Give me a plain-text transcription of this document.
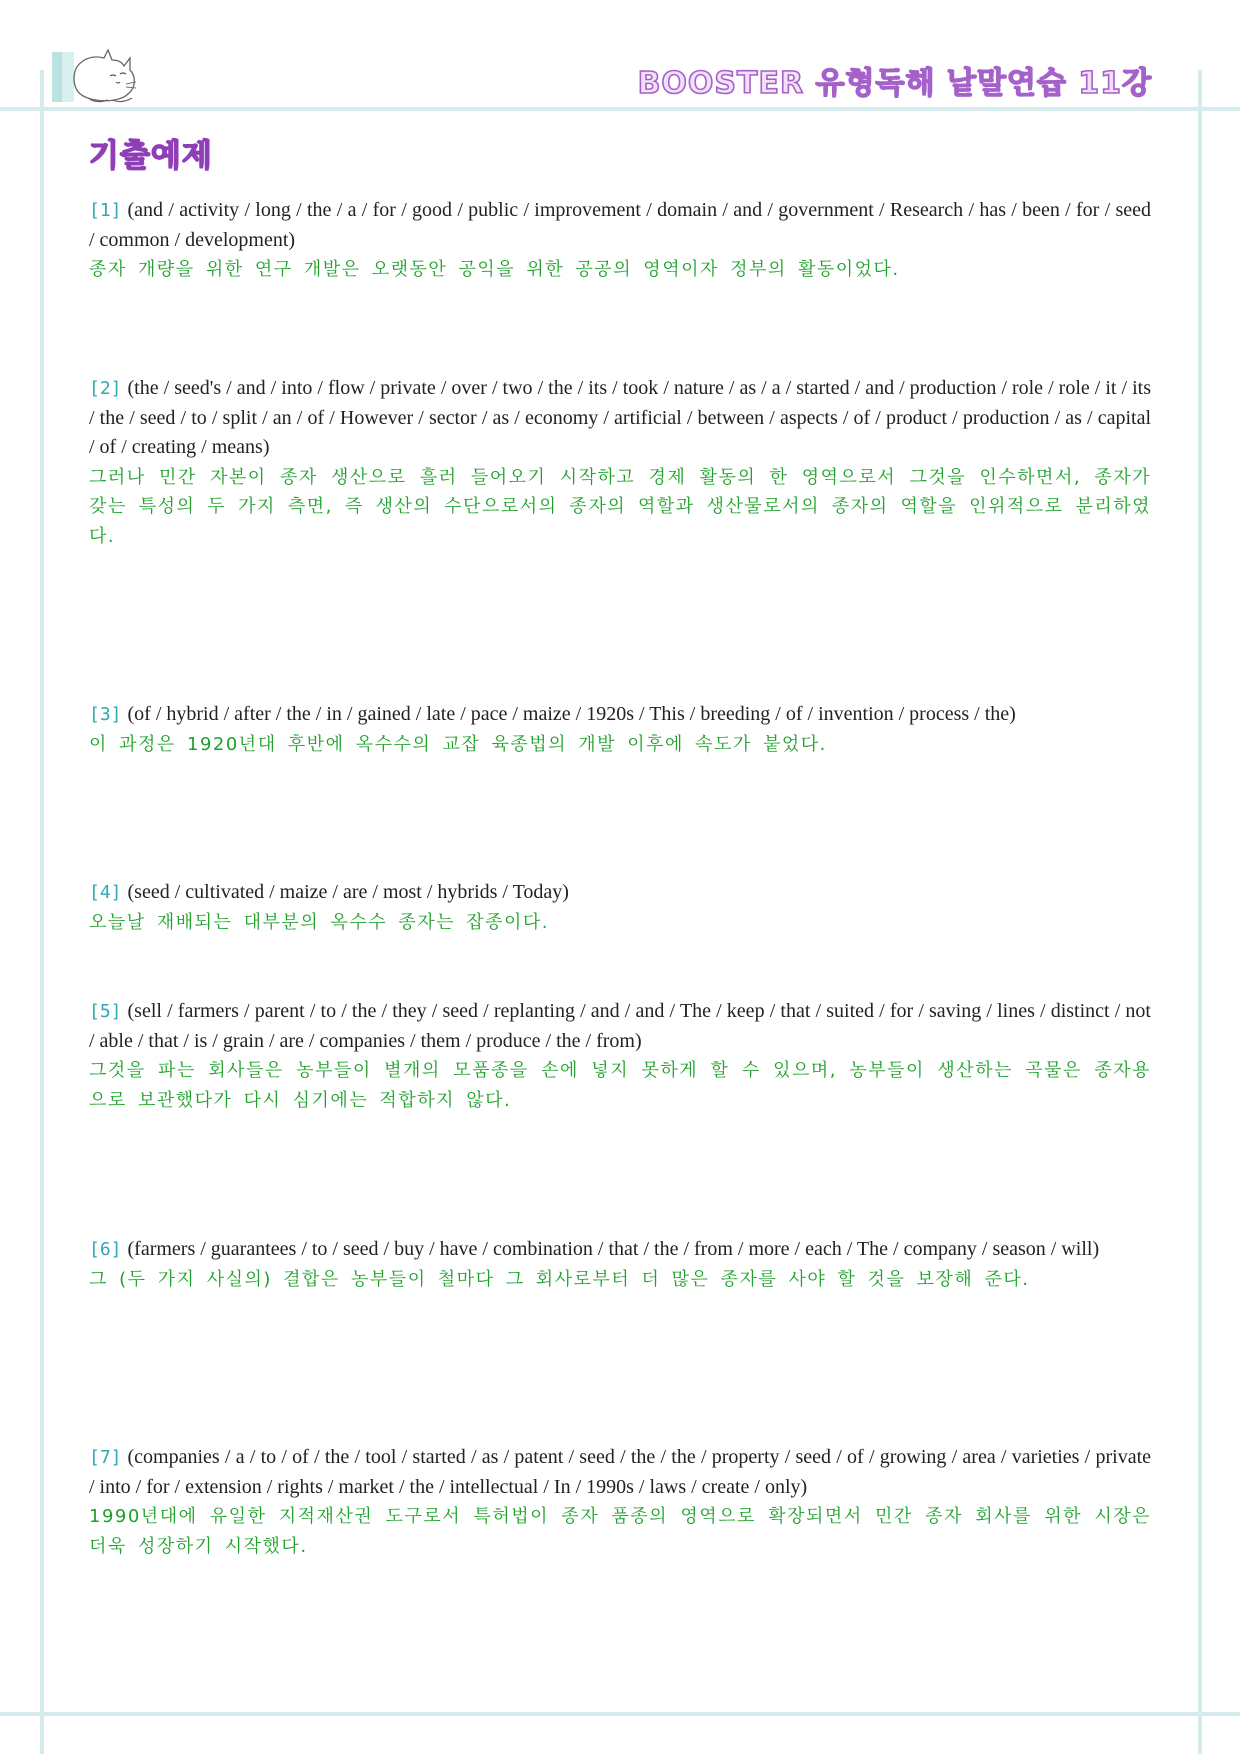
BOOSTER 유형독해 낱말연습 11강
기출예제
[1] (and / activity / long / the / a / for / good / public / improvement / domain / and / government / Research / has / been / for / seed / common / development)
종자 개량을 위한 연구 개발은 오랫동안 공익을 위한 공공의 영역이자 정부의 활동이었다.
[2] (the / seed's / and / into / flow / private / over / two / the / its / took / nature / as / a / started / and / production / role / role / it / its / the / seed / to / split / an / of / However / sector / as / economy / artificial / between / aspects / of / product / production / as / capital / of / creating / means)
그러나 민간 자본이 종자 생산으로 흘러 들어오기 시작하고 경제 활동의 한 영역으로서 그것을 인수하면서, 종자가 갖는 특성의 두 가지 측면, 즉 생산의 수단으로서의 종자의 역할과 생산물로서의 종자의 역할을 인위적으로 분리하였다.
[3] (of / hybrid / after / the / in / gained / late / pace / maize / 1920s / This / breeding / of / invention / process / the)
이 과정은 1920년대 후반에 옥수수의 교잡 육종법의 개발 이후에 속도가 붙었다.
[4] (seed / cultivated / maize / are / most / hybrids / Today)
오늘날 재배되는 대부분의 옥수수 종자는 잡종이다.
[5] (sell / farmers / parent / to / the / they / seed / replanting / and / and / The / keep / that / suited / for / saving / lines / distinct / not / able / that / is / grain / are / companies / them / produce / the / from)
그것을 파는 회사들은 농부들이 별개의 모품종을 손에 넣지 못하게 할 수 있으며, 농부들이 생산하는 곡물은 종자용으로 보관했다가 다시 심기에는 적합하지 않다.
[6] (farmers / guarantees / to / seed / buy / have / combination / that / the / from / more / each / The / company / season / will)
그 (두 가지 사실의) 결합은 농부들이 철마다 그 회사로부터 더 많은 종자를 사야 할 것을 보장해 준다.
[7] (companies / a / to / of / the / tool / started / as / patent / seed / the / the / property / seed / of / growing / area / varieties / private / into / for / extension / rights / market / the / intellectual / In / 1990s / laws / create / only)
1990년대에 유일한 지적재산권 도구로서 특허법이 종자 품종의 영역으로 확장되면서 민간 종자 회사를 위한 시장은 더욱 성장하기 시작했다.
